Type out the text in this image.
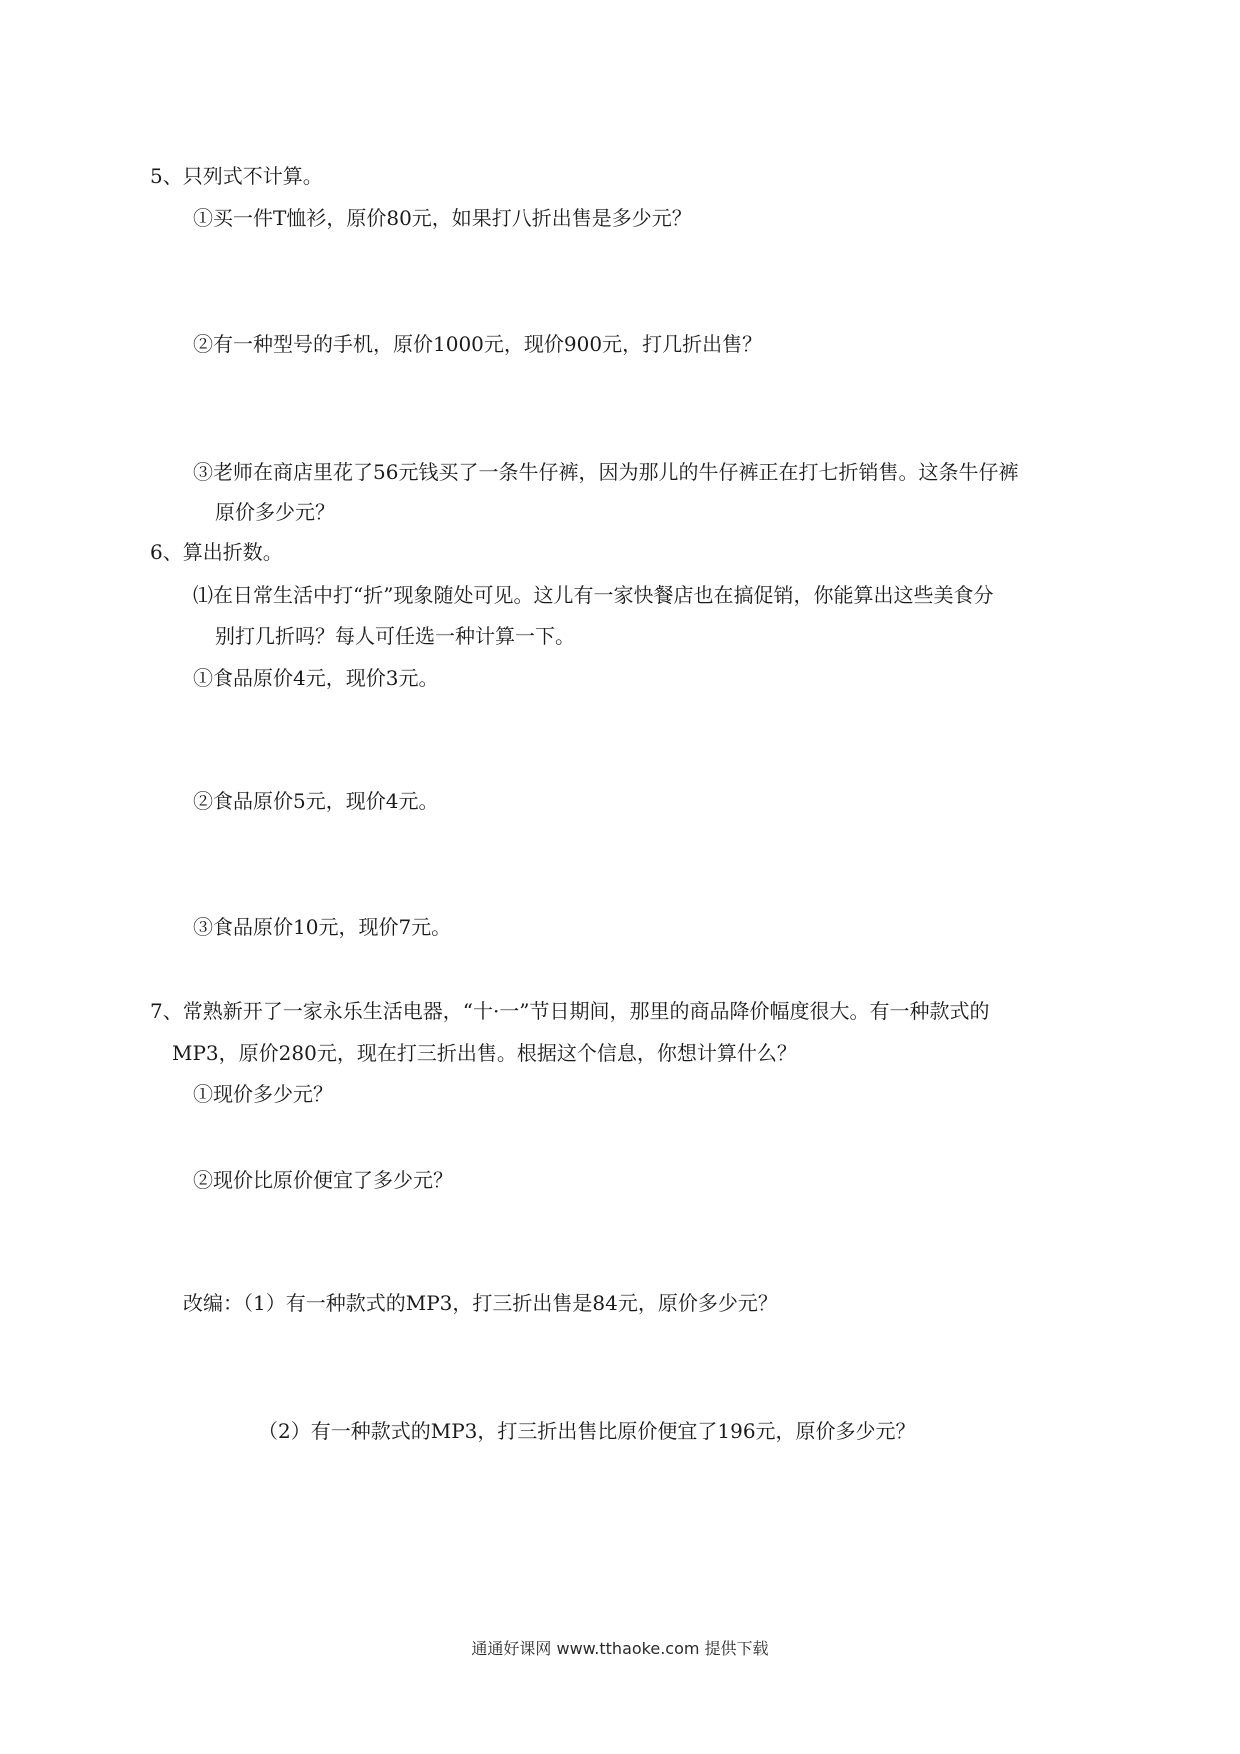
5、只列式不计算。
①买一件T恤衫，原价80元，如果打八折出售是多少元？
②有一种型号的手机，原价1000元，现价900元，打几折出售？
③老师在商店里花了56元钱买了一条牛仔裤，因为那儿的牛仔裤正在打七折销售。这条牛仔裤
原价多少元？
6、算出折数。
⑴在日常生活中打“折”现象随处可见。这儿有一家快餐店也在搞促销，你能算出这些美食分
别打几折吗？每人可任选一种计算一下。
①食品原价4元，现价3元。
②食品原价5元，现价4元。
③食品原价10元，现价7元。
7、常熟新开了一家永乐生活电器，“十·一”节日期间，那里的商品降价幅度很大。有一种款式的
MP3，原价280元，现在打三折出售。根据这个信息，你想计算什么？
①现价多少元？
②现价比原价便宜了多少元？
改编：（1）有一种款式的MP3，打三折出售是84元，原价多少元？
（2）有一种款式的MP3，打三折出售比原价便宜了196元，原价多少元？
通通好课网 www.tthaoke.com 提供下载
